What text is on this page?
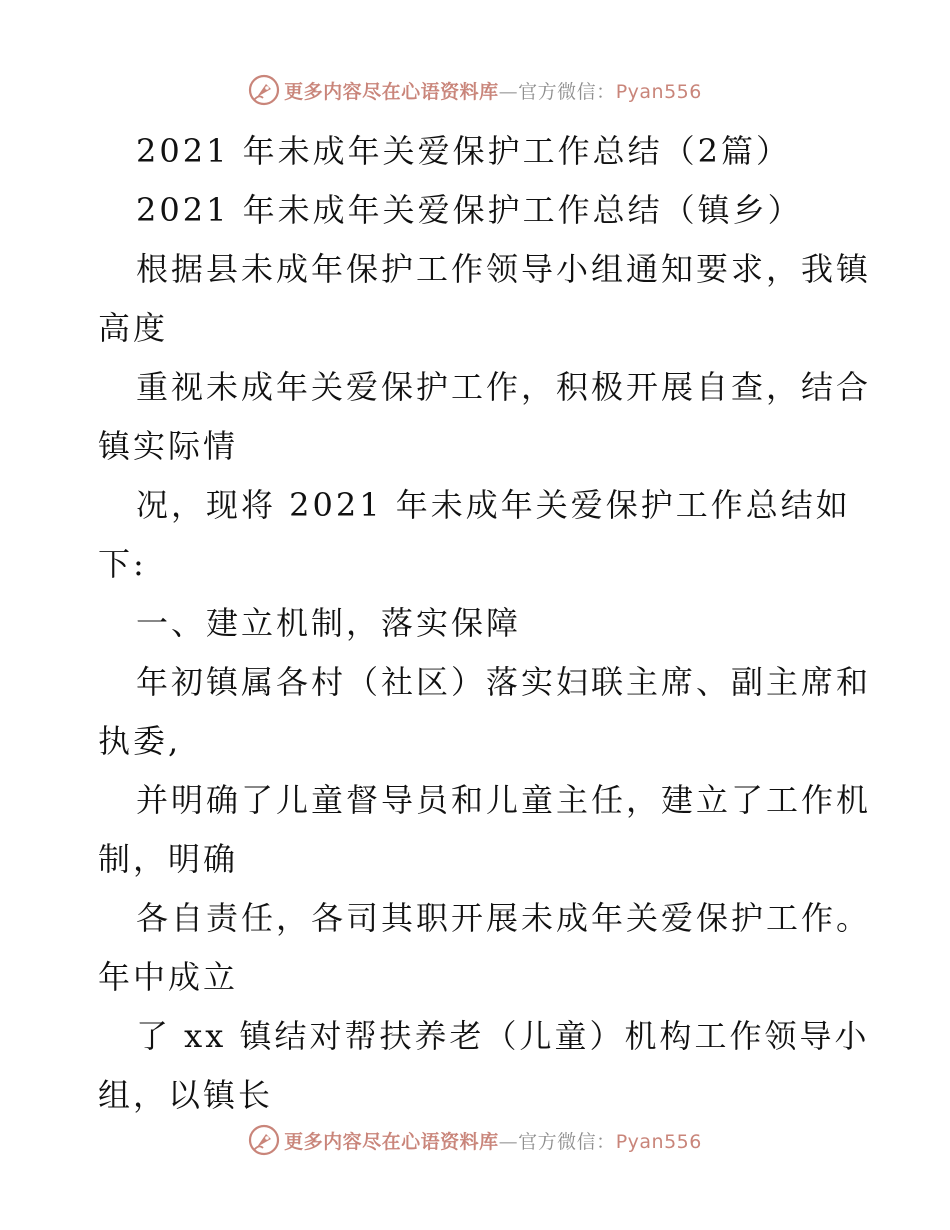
更多内容尽在心语资料库—官方微信：Pyan556
2021 年未成年关爱保护工作总结（2篇）
2021 年未成年关爱保护工作总结（镇乡）
根据县未成年保护工作领导小组通知要求，我镇
高度
重视未成年关爱保护工作，积极开展自查，结合
镇实际情
况，现将 2021 年未成年关爱保护工作总结如
下:
一、建立机制，落实保障
年初镇属各村（社区）落实妇联主席、副主席和
执委,
并明确了儿童督导员和儿童主任，建立了工作机
制，明确
各自责任，各司其职开展未成年关爱保护工作。
年中成立
了 xx 镇结对帮扶养老（儿童）机构工作领导小
组，以镇长
更多内容尽在心语资料库—官方微信：Pyan556
